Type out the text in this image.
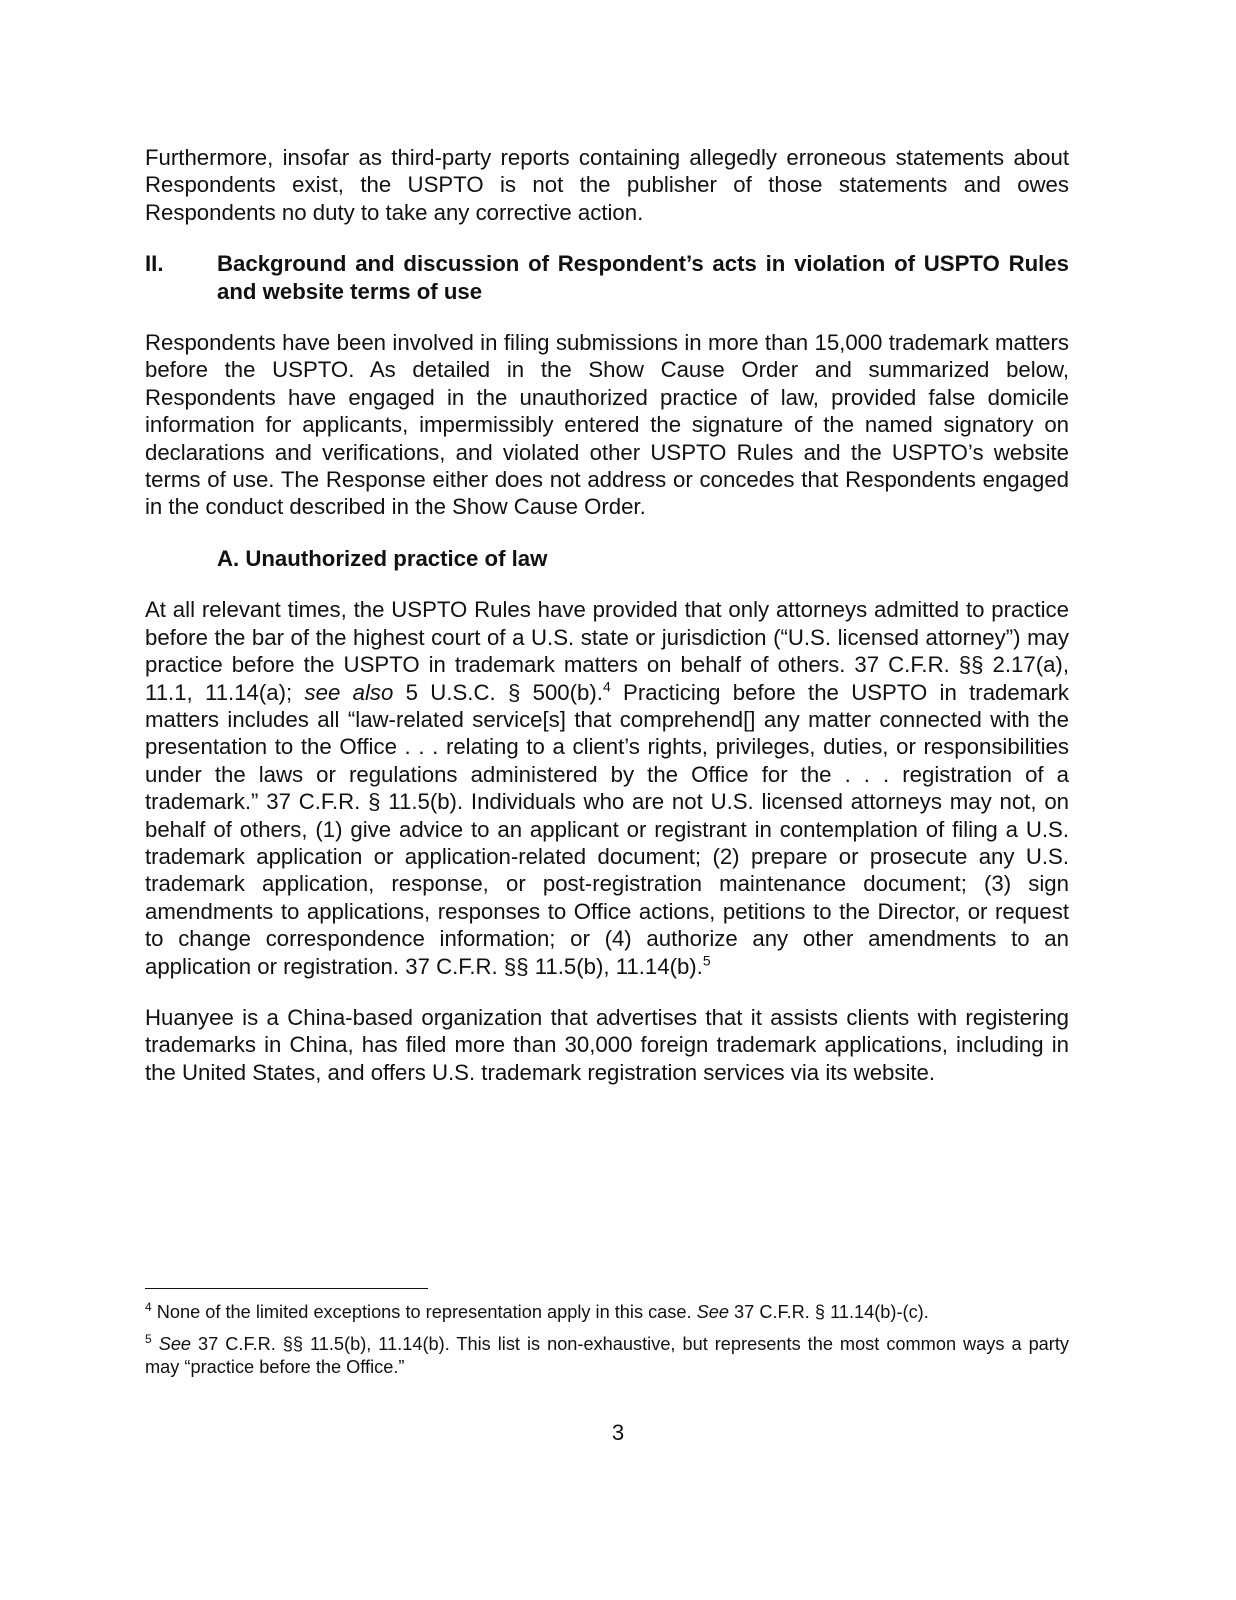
Furthermore, insofar as third-party reports containing allegedly erroneous statements about Respondents exist, the USPTO is not the publisher of those statements and owes Respondents no duty to take any corrective action.

II.	Background and discussion of Respondent’s acts in violation of USPTO Rules and website terms of use

Respondents have been involved in filing submissions in more than 15,000 trademark matters before the USPTO. As detailed in the Show Cause Order and summarized below, Respondents have engaged in the unauthorized practice of law, provided false domicile information for applicants, impermissibly entered the signature of the named signatory on declarations and verifications, and violated other USPTO Rules and the USPTO’s website terms of use. The Response either does not address or concedes that Respondents engaged in the conduct described in the Show Cause Order.

A. Unauthorized practice of law

At all relevant times, the USPTO Rules have provided that only attorneys admitted to practice before the bar of the highest court of a U.S. state or jurisdiction (“U.S. licensed attorney”) may practice before the USPTO in trademark matters on behalf of others. 37 C.F.R. §§ 2.17(a), 11.1, 11.14(a); see also 5 U.S.C. § 500(b).$^4$ Practicing before the USPTO in trademark matters includes all “law-related service[s] that comprehend[] any matter connected with the presentation to the Office . . . relating to a client’s rights, privileges, duties, or responsibilities under the laws or regulations administered by the Office for the . . . registration of a trademark.” 37 C.F.R. § 11.5(b). Individuals who are not U.S. licensed attorneys may not, on behalf of others, (1) give advice to an applicant or registrant in contemplation of filing a U.S. trademark application or application-related document; (2) prepare or prosecute any U.S. trademark application, response, or post-registration maintenance document; (3) sign amendments to applications, responses to Office actions, petitions to the Director, or request to change correspondence information; or (4) authorize any other amendments to an application or registration. 37 C.F.R. §§ 11.5(b), 11.14(b).$^5$

Huanyee is a China-based organization that advertises that it assists clients with registering trademarks in China, has filed more than 30,000 foreign trademark applications, including in the United States, and offers U.S. trademark registration services via its website.

$^4$ None of the limited exceptions to representation apply in this case. See 37 C.F.R. § 11.14(b)-(c).

$^5$ See 37 C.F.R. §§ 11.5(b), 11.14(b). This list is non-exhaustive, but represents the most common ways a party may “practice before the Office.”

3
